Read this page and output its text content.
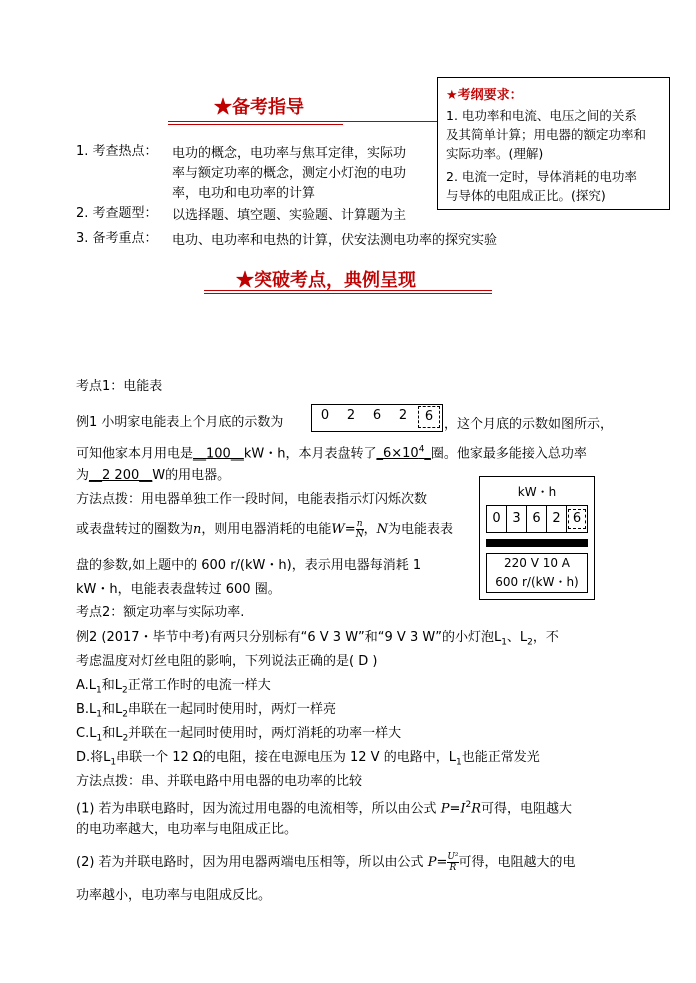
★备考指导
★考纲要求：
1. 电功率和电流、电压之间的关系
及其简单计算；用电器的额定功率和
实际功率。(理解)
2. 电流一定时，导体消耗的电功率
与导体的电阻成正比。(探究)
1. 考查热点： 电功的概念，电功率与焦耳定律，实际功
率与额定功率的概念，测定小灯泡的电功
率，电功和电功率的计算
2. 考查题型： 以选择题、填空题、实验题、计算题为主
3. 备考重点： 电功、电功率和电热的计算，伏安法测电功率的探究实验
★突破考点，典例呈现
考点1：电能表
例1 小明家电能表上个月底的示数为	0	2	6	2	6
，这个月底的示数如图所示，
可知他家本月用电是__100__kW・h，本月表盘转了$\_6\times 10^4\_$圈。他家最多能接入总功率
为__2 200__W的用电器。
方法点拨：用电器单独工作一段时间，电能表指示灯闪烁次数
或表盘转过的圈数为n，则用电器消耗的电能$W= \frac{n}{N}$ ，N为电能表表
盘的参数,如上题中的 600 r/(kW・h)，表示用电器每消耗 1
kW・h，电能表表盘转过 600 圈。
kW・h
0 3 6 2 6
220 V 10 A
600 r/(kW・h)
考点2：额定功率与实际功率.
例2 (2017・毕节中考)有两只分别标有“6 V 3 W”和“9 V 3 W”的小灯泡$L_1$、$L_2$，不
考虑温度对灯丝电阻的影响，下列说法正确的是( D )
$A.L_1$和$L_2$正常工作时的电流一样大
$B.L_1$和$L_2$串联在一起同时使用时，两灯一样亮
$C.L_1$和$L_2$并联在一起同时使用时，两灯消耗的功率一样大
D.将$L_1$串联一个 12 Ω的电阻，接在电源电压为 12 V 的电路中，$L_1$也能正常发光
方法点拨：串、并联电路中用电器的电功率的比较
(1) 若为串联电路时，因为流过用电器的电流相等，所以由公式 $P=I^2R$可得，电阻越大
的电功率越大，电功率与电阻成正比。
(2) 若为并联电路时，因为用电器两端电压相等，所以由公式 $P= \frac{\text{U²}}{R}$ 可得，电阻越大的电
功率越小，电功率与电阻成反比。
